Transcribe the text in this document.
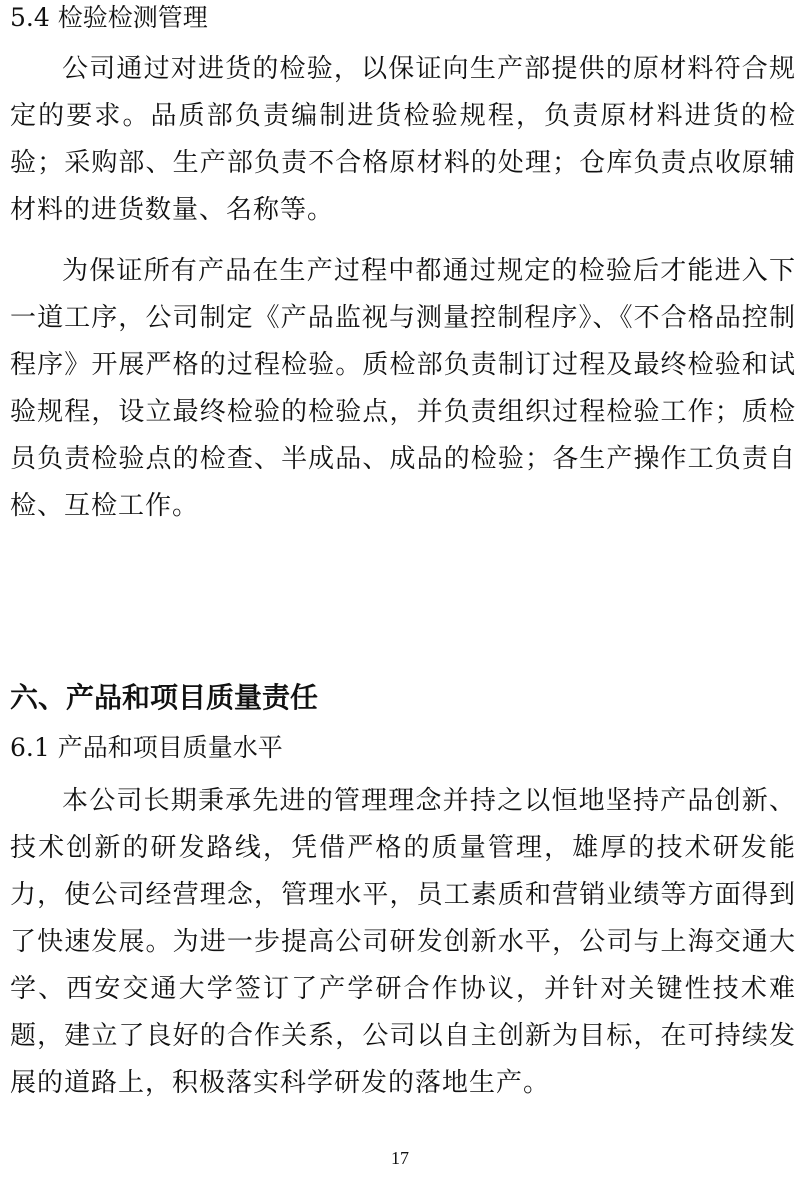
5.4 检验检测管理

公司通过对进货的检验，以保证向生产部提供的原材料符合规定的要求。品质部负责编制进货检验规程，负责原材料进货的检验；采购部、生产部负责不合格原材料的处理；仓库负责点收原辅材料的进货数量、名称等。

为保证所有产品在生产过程中都通过规定的检验后才能进入下一道工序，公司制定《产品监视与测量控制程序》、《不合格品控制程序》开展严格的过程检验。质检部负责制订过程及最终检验和试验规程，设立最终检验的检验点，并负责组织过程检验工作；质检员负责检验点的检查、半成品、成品的检验；各生产操作工负责自检、互检工作。

六、产品和项目质量责任
6.1 产品和项目质量水平

本公司长期秉承先进的管理理念并持之以恒地坚持产品创新、技术创新的研发路线，凭借严格的质量管理，雄厚的技术研发能力，使公司经营理念，管理水平，员工素质和营销业绩等方面得到了快速发展。为进一步提高公司研发创新水平，公司与上海交通大学、西安交通大学签订了产学研合作协议，并针对关键性技术难题，建立了良好的合作关系，公司以自主创新为目标，在可持续发展的道路上，积极落实科学研发的落地生产。

17
